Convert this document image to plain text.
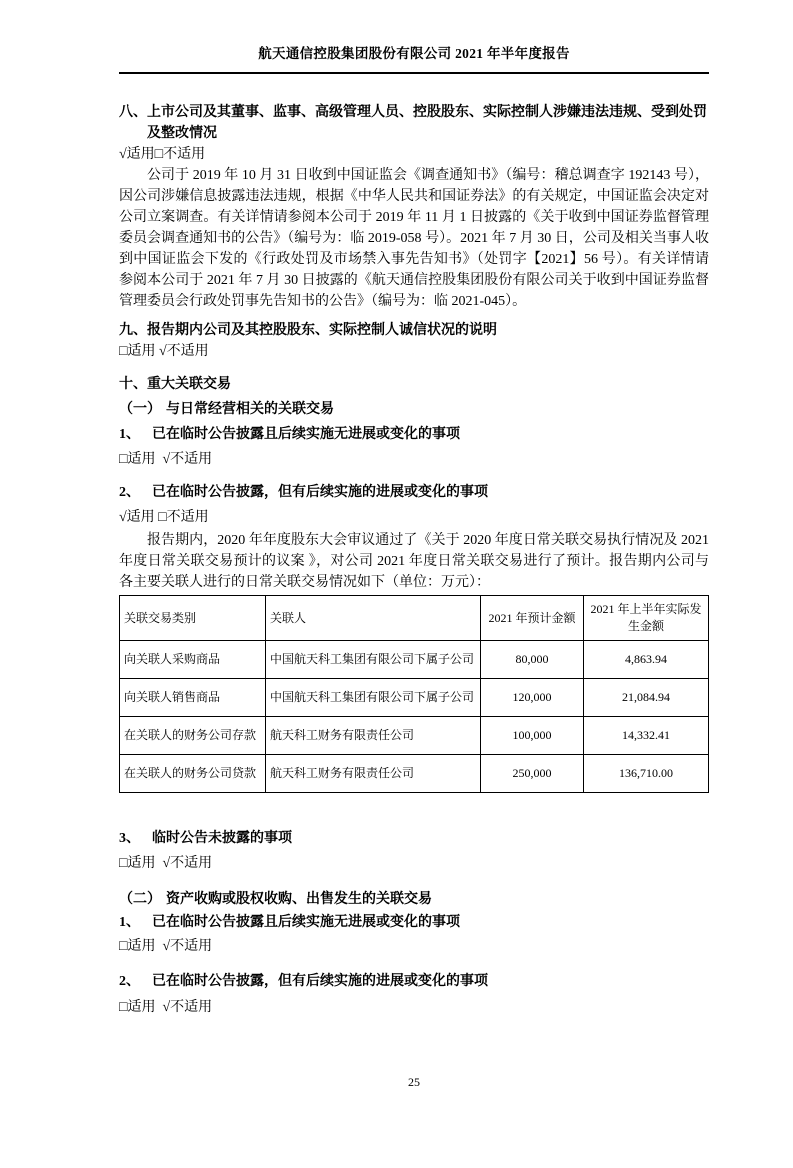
航天通信控股集团股份有限公司 2021 年半年度报告
八、上市公司及其董事、监事、高级管理人员、控股股东、实际控制人涉嫌违法违规、受到处罚及整改情况
√适用□不适用

公司于 2019 年 10 月 31 日收到中国证监会《调查通知书》（编号：稽总调查字 192143 号），因公司涉嫌信息披露违法违规，根据《中华人民共和国证券法》的有关规定，中国证监会决定对公司立案调查。有关详情请参阅本公司于 2019 年 11 月 1 日披露的《关于收到中国证券监督管理委员会调查通知书的公告》（编号为：临 2019-058 号）。2021 年 7 月 30 日，公司及相关当事人收到中国证监会下发的《行政处罚及市场禁入事先告知书》（处罚字【2021】56 号）。有关详情请参阅本公司于 2021 年 7 月 30 日披露的《航天通信控股集团股份有限公司关于收到中国证券监督管理委员会行政处罚事先告知书的公告》（编号为：临 2021-045）。

九、报告期内公司及其控股股东、实际控制人诚信状况的说明
□适用 √不适用
十、重大关联交易
（一） 与日常经营相关的关联交易
1、 已在临时公告披露且后续实施无进展或变化的事项
□适用  √不适用
2、 已在临时公告披露，但有后续实施的进展或变化的事项
√适用 □不适用

报告期内，2020 年年度股东大会审议通过了《关于 2020 年度日常关联交易执行情况及 2021 年度日常关联交易预计的议案 》，对公司 2021 年度日常关联交易进行了预计。报告期内公司与各主要关联人进行的日常关联交易情况如下（单位：万元）：

关联交易类别	关联人	2021 年预计金额	2021 年上半年实际发生金额
向关联人采购商品	中国航天科工集团有限公司下属子公司	80,000	4,863.94
向关联人销售商品	中国航天科工集团有限公司下属子公司	120,000	21,084.94
在关联人的财务公司存款	航天科工财务有限责任公司	100,000	14,332.41
在关联人的财务公司贷款	航天科工财务有限责任公司	250,000	136,710.00
3、 临时公告未披露的事项
□适用  √不适用
（二） 资产收购或股权收购、出售发生的关联交易
1、 已在临时公告披露且后续实施无进展或变化的事项
□适用  √不适用
2、 已在临时公告披露，但有后续实施的进展或变化的事项
□适用  √不适用
25
